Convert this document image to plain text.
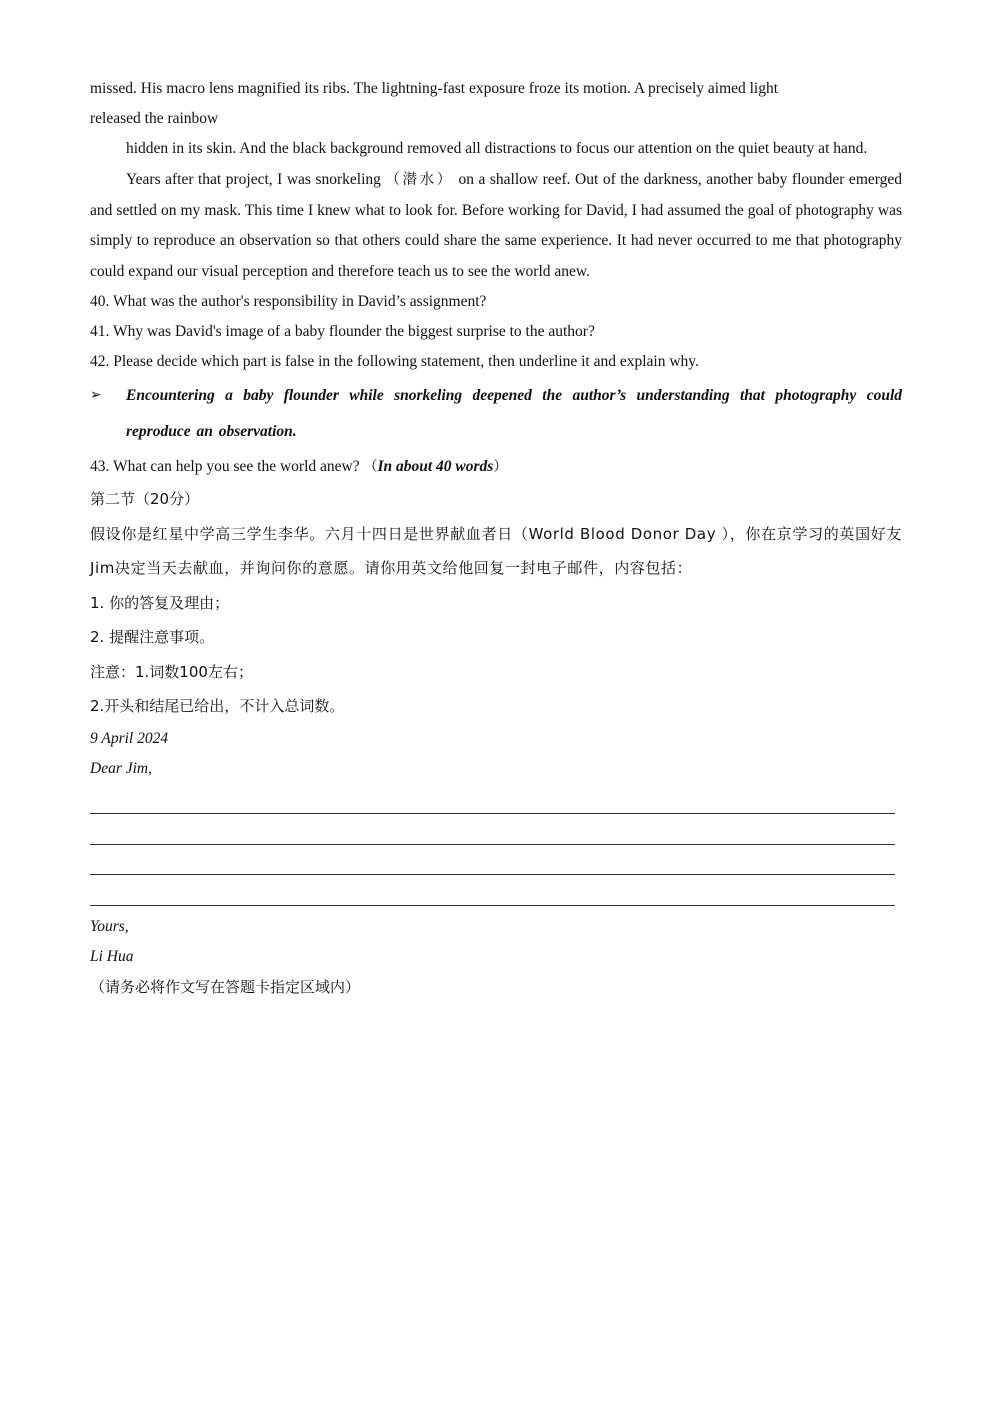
missed. His macro lens magnified its ribs. The lightning-fast exposure froze its motion. A precisely aimed light

released the rainbow

hidden in its skin. And the black background removed all distractions to focus our attention on the quiet beauty at hand.

Years after that project, I was snorkeling （潜水） on a shallow reef. Out of the darkness, another baby flounder emerged and settled on my mask. This time I knew what to look for. Before working for David, I had assumed the goal of photography was simply to reproduce an observation so that others could share the same experience. It had never occurred to me that photography could expand our visual perception and therefore teach us to see the world anew.

40. What was the author's responsibility in David’s assignment?

41. Why was David's image of a baby flounder the biggest surprise to the author?

42. Please decide which part is false in the following statement, then underline it and explain why.

➢	Encountering a baby flounder while snorkeling deepened the author’s understanding that photography could reproduce an observation.

43. What can help you see the world anew? （In about 40 words）

第二节（20分）

假设你是红星中学高三学生李华。六月十四日是世界献血者日（World Blood Donor Day ），你在京学习的英国好友Jim决定当天去献血，并询问你的意愿。请你用英文给他回复一封电子邮件，内容包括：

1. 你的答复及理由；

2. 提醒注意事项。

注意：1.词数100左右；

2.开头和结尾已给出，不计入总词数。

9 April 2024

Dear Jim,

Yours,

Li Hua

（请务必将作文写在答题卡指定区域内）
